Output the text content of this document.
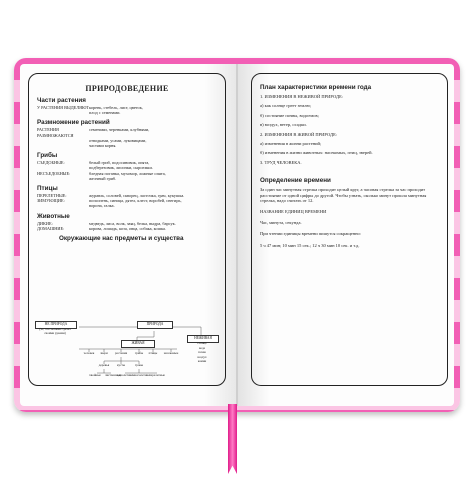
ПРИРОДОВЕДЕНИЕ
Части растения
У РАСТЕНИЯ ВЫДЕЛЯЮТ корень, стебель, лист, цветок,
плод с семенами.
Размножение растений
РАСТЕНИЯ РАЗМНОЖАЮТСЯ
семенами, черенками, клубнями,
отводками, усами, луковицами,
частями корня.
Грибы
СЪЕДОБНЫЕ:	белый гриб, подосиновик, опята,
подберезовик, лисички, сыроежки.
НЕСЪЕДОБНЫЕ:	бледная поганка, мухомор, ложные опята,
желчный гриб.
Птицы
ПЕРЕЛЕТНЫЕ:	журавль, соловей, скворец, ласточка, грач, кукушка.
ЗИМУЮЩИЕ:	поползень, синица, дятел, клест, воробей, снегирь,
ворона, галка.
Животные
ДИКИЕ:	медведь, лиса, волк, заяц, белка, выдра, барсук.
ДОМАШНИЕ:	корова, лошадь, коза, овца, собака, кошка.
Окружающие нас предметы и существа
НЕ ПРИРОДА
(то, что человек сделал своими руками)
ПРИРОДА
ЖИВАЯ
НЕЖИВАЯ
человек	звери	растения	грибы	птицы	насекомые
деревья	кусты	травы
хвойные	лиственные
однолетние многолетние перелетные
солнце
вода
почва
воздух
камни
План характеристики времени года
1. ИЗМЕНЕНИЯ В НЕЖИВОЙ ПРИРОДЕ:
а) как солнце греет землю;
б) состояние почвы, водоемов;
в) воздух, ветер, осадки.
2. ИЗМЕНЕНИЯ В ЖИВОЙ ПРИРОДЕ:
а) изменения в жизни растений;
б) изменения в жизни животных: насекомых, птиц, зверей.
3. ТРУД ЧЕЛОВЕКА.
Определение времени
За один час минутная стрелка проходит целый круг, а часовая стрелка за час проходит расстояние от одной цифры до другой. Чтобы узнать, сколько минут прошла минутная стрелка, надо считать от 12.
НАЗВАНИЕ ЕДИНИЦ ВРЕМЕНИ
Час, минута, секунда.
При чтении единицы времени пишутся сокращенно:
5 ч 47 мин; 10 мин 15 сек.; 12 ч 30 мин 10 сек. и т.д.
